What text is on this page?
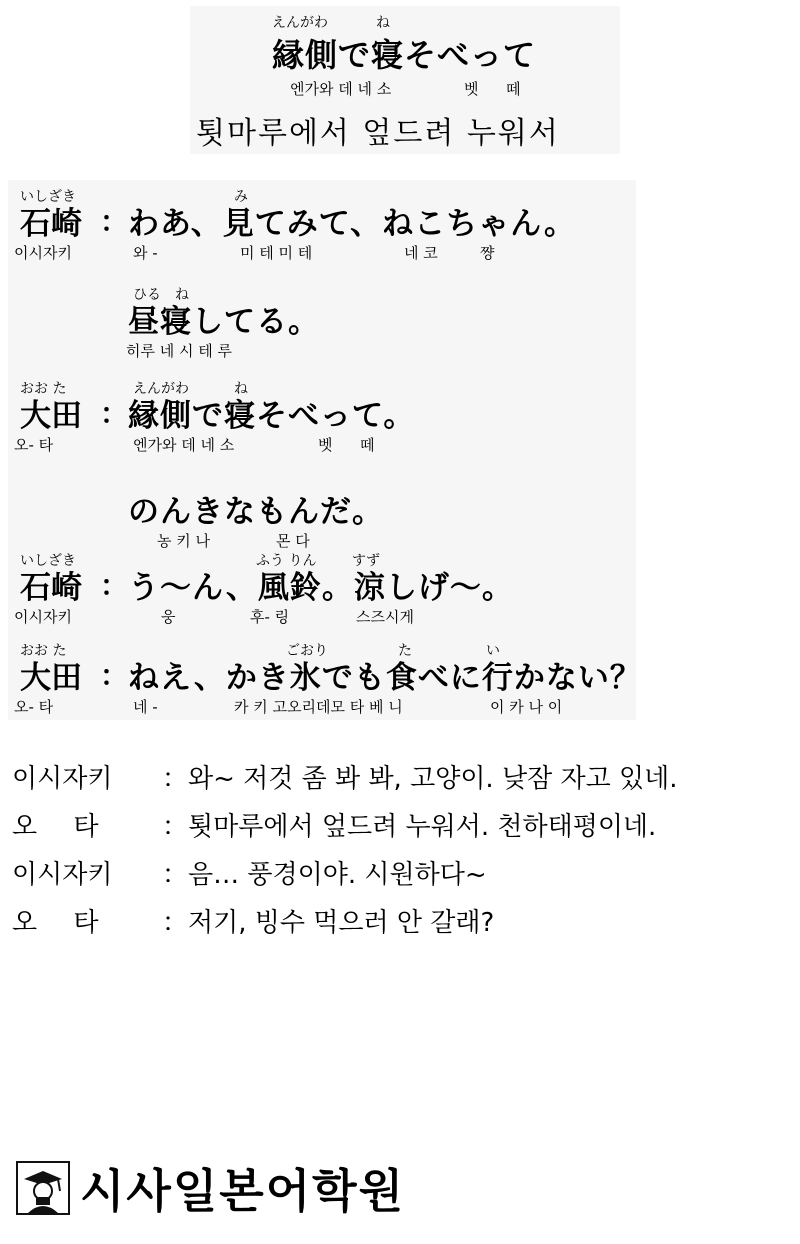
えんがわ	ね
縁側で寝そべって
엔가와 데 네 소	벳 떼
툇마루에서 엎드려 누워서
いしざき	み
石崎 ： わあ、見てみて、ねこちゃん。
이시자키	와 -	미 테 미 테	네 코	쨩
ひる ね
昼寝してる。
히루 네 시 테 루
おお た	えんがわ	ね
大田 ： 縁側で寝そべって。
오- 타	엔가와 데 네 소	벳 떼
のんきなもんだ。
농 키 나	몬 다
いしざき	ふう りん	すず
石崎 ： う～ん、風鈴。涼しげ～。
이시자키	웅	후- 링	스즈시게
おお た	ごおり	た	い
大田 ： ねえ、かき氷でも食べに行かない？
오- 타	네 -	카 키 고오리데모 타 베 니	이 카 나 이
이시자키 ：와~ 저것 좀 봐 봐, 고양이. 낮잠 자고 있네.
오 타 ：툇마루에서 엎드려 누워서. 천하태평이네.
이시자키 ：음… 풍경이야. 시원하다~
오 타 ：저기, 빙수 먹으러 안 갈래?
시사일본어학원
